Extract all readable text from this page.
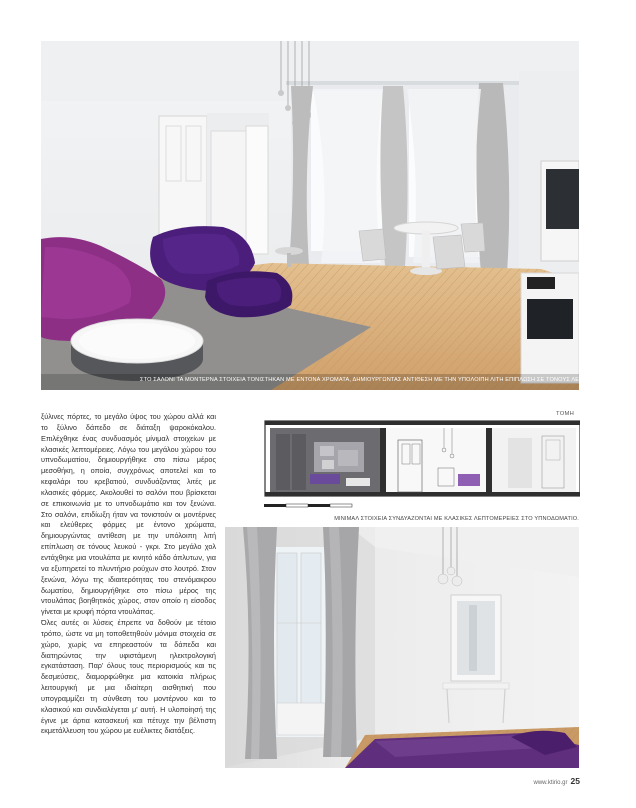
ΣΤΟ ΣΑΛΟΝΙ ΤΑ ΜΟΝΤΕΡΝΑ ΣΤΟΙΧΕΙΑ ΤΟΝΙΣΤΗΚΑΝ ΜΕ ΕΝΤΟΝΑ ΧΡΩΜΑΤΑ, ΔΗΜΙΟΥΡΓΩΝΤΑΣ ΑΝΤΙΘΕΣΗ ΜΕ ΤΗΝ ΥΠΟΛΟΙΠΗ ΛΙΤΗ ΕΠΙΠΛΩΣΗ ΣΕ ΤΟΝΟΥΣ ΛΕΥΚΟΥ - ΓΚΡΙ.

ξύλινες πόρτες, το μεγάλο ύψος του χώρου αλλά και το ξύλινο δάπεδο σε διάταξη ψαροκόκαλου. Επιλέχθηκε ένας συνδυασμός μίνιμαλ στοιχείων με κλασικές λεπτομέρειες. Λόγω του μεγάλου χώρου του υπνοδωματίου, δημιουργήθηκε στο πίσω μέρος μεσοθήκη, η οποία, συγχρόνως αποτελεί και το κεφαλάρι του κρεβατιού, συνδυάζοντας λιτές με κλασικές φόρμες. Ακολουθεί το σαλόνι που βρίσκεται σε επικοινωνία με το υπνοδωμάτιο και τον ξενώνα. Στο σαλόνι, επιδίωξη ήταν να τονιστούν οι μοντέρνες και ελεύθερες φόρμες με έντονο χρώματα, δημιουργώντας αντίθεση με την υπόλοιπη λιτή επίπλωση σε τόνους λευκού - γκρι. Στο μεγάλο χολ εντάχθηκε μια ντουλάπα με κινητό κάδο άπλυτων, για να εξυπηρετεί το πλυντήριο ρούχων στο λουτρό. Στον ξενώνα, λόγω της ιδιαιτερότητας του στενόμακρου δωματίου, δημιουργήθηκε στο πίσω μέρος της ντουλάπας βοηθητικός χώρος, στον οποίο η είσοδος γίνεται με κρυφή πόρτα ντουλάπας.

Όλες αυτές οι λύσεις έπρεπε να δοθούν με τέτοιο τρόπο, ώστε να μη τοποθετηθούν μόνιμα στοιχεία σε χώρο, χωρίς να επηρεαστούν τα δάπεδα και διατηρώντας την υφιστάμενη ηλεκτρολογική εγκατάσταση. Παρ' όλους τους περιορισμούς και τις δεσμεύσεις, διαμορφώθηκε μια κατοικία πλήρως λειτουργική με μια ιδιαίτερη αισθητική που υπογραμμίζει τη σύνθεση του μοντέρνου και το κλασικού και συνδιαλέγεται μ' αυτή. Η υλοποίησή της έγινε με άρτια κατασκευή και πέτυχε την βέλτιστη εκμετάλλευση του χώρου με ευέλικτες διατάξεις.

ΤΟΜΗ
ΜΙΝΙΜΑΛ ΣΤΟΙΧΕΙΑ ΣΥΝΔΥΑΖΟΝΤΑΙ ΜΕ ΚΛΑΣΙΚΕΣ ΛΕΠΤΟΜΕΡΕΙΕΣ ΣΤΟ ΥΠΝΟΔΩΜΑΤΙΟ.
www.ktirio.gr 25
